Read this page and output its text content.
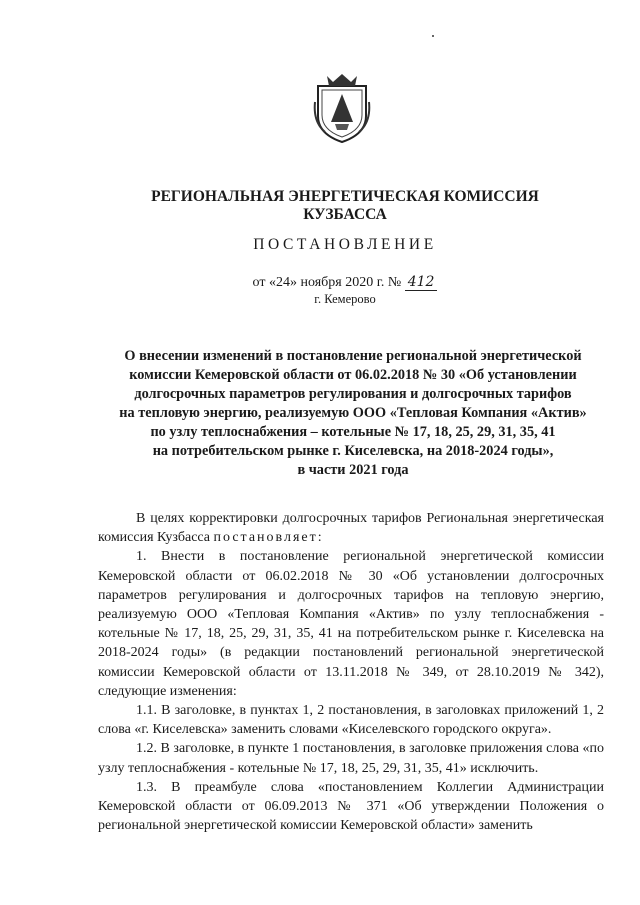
РЕГИОНАЛЬНАЯ ЭНЕРГЕТИЧЕСКАЯ КОМИССИЯ
КУЗБАССА
ПОСТАНОВЛЕНИЕ
от «24» ноября 2020 г. № 412
г. Кемерово
О внесении изменений в постановление региональной энергетической
комиссии Кемеровской области от 06.02.2018 № 30 «Об установлении
долгосрочных параметров регулирования и долгосрочных тарифов
на тепловую энергию, реализуемую ООО «Тепловая Компания «Актив»
по узлу теплоснабжения – котельные № 17, 18, 25, 29, 31, 35, 41
на потребительском рынке г. Киселевска, на 2018-2024 годы»,
в части 2021 года

В целях корректировки долгосрочных тарифов Региональная энергетическая комиссия Кузбасса постановляет:

1. Внести в постановление региональной энергетической комиссии Кемеровской области от 06.02.2018 № 30 «Об установлении долгосрочных параметров регулирования и долгосрочных тарифов на тепловую энергию, реализуемую ООО «Тепловая Компания «Актив» по узлу теплоснабжения - котельные № 17, 18, 25, 29, 31, 35, 41 на потребительском рынке г. Киселевска на 2018-2024 годы» (в редакции постановлений региональной энергетической комиссии Кемеровской области от 13.11.2018 № 349, от 28.10.2019 № 342), следующие изменения:

1.1. В заголовке, в пунктах 1, 2 постановления, в заголовках приложений 1, 2 слова «г. Киселевска» заменить словами «Киселевского городского округа».

1.2. В заголовке, в пункте 1 постановления, в заголовке приложения слова «по узлу теплоснабжения - котельные № 17, 18, 25, 29, 31, 35, 41» исключить.

1.3. В преамбуле слова «постановлением Коллегии Администрации Кемеровской области от 06.09.2013 № 371 «Об утверждении Положения о региональной энергетической комиссии Кемеровской области» заменить
